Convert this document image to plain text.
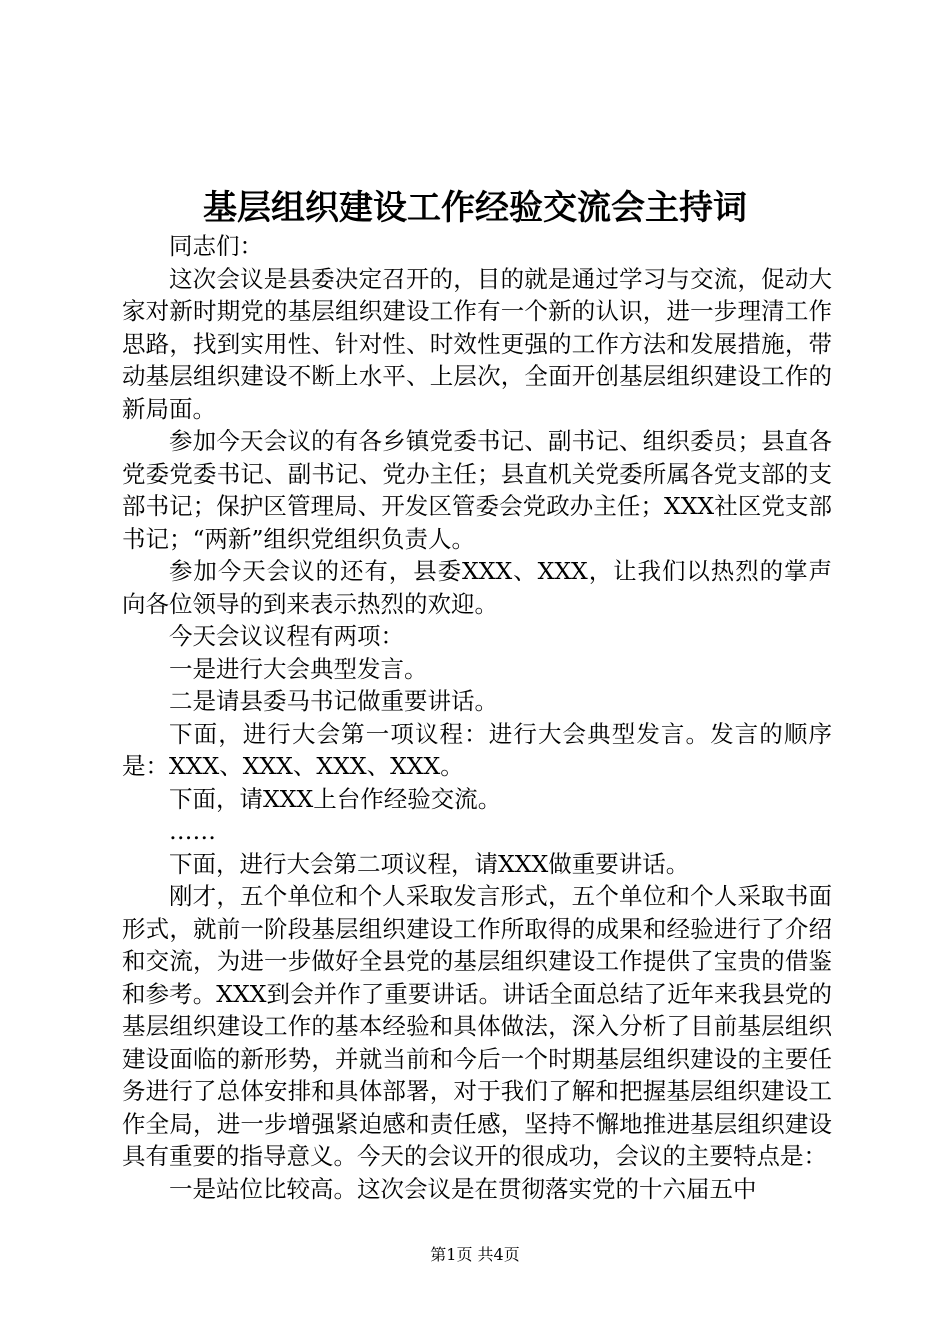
基层组织建设工作经验交流会主持词

同志们：

这次会议是县委决定召开的，目的就是通过学习与交流，促动大家对新时期党的基层组织建设工作有一个新的认识，进一步理清工作思路，找到实用性、针对性、时效性更强的工作方法和发展措施，带动基层组织建设不断上水平、上层次，全面开创基层组织建设工作的新局面。

参加今天会议的有各乡镇党委书记、副书记、组织委员；县直各党委党委书记、副书记、党办主任；县直机关党委所属各党支部的支部书记；保护区管理局、开发区管委会党政办主任；XXX社区党支部书记；“两新”组织党组织负责人。

参加今天会议的还有，县委XXX、XXX，让我们以热烈的掌声向各位领导的到来表示热烈的欢迎。

今天会议议程有两项：

一是进行大会典型发言。

二是请县委马书记做重要讲话。

下面，进行大会第一项议程：进行大会典型发言。发言的顺序是：XXX、XXX、XXX、XXX。

下面，请XXX上台作经验交流。

……

下面，进行大会第二项议程，请XXX做重要讲话。

刚才，五个单位和个人采取发言形式，五个单位和个人采取书面形式，就前一阶段基层组织建设工作所取得的成果和经验进行了介绍和交流，为进一步做好全县党的基层组织建设工作提供了宝贵的借鉴和参考。XXX到会并作了重要讲话。讲话全面总结了近年来我县党的基层组织建设工作的基本经验和具体做法，深入分析了目前基层组织建设面临的新形势，并就当前和今后一个时期基层组织建设的主要任务进行了总体安排和具体部署，对于我们了解和把握基层组织建设工作全局，进一步增强紧迫感和责任感，坚持不懈地推进基层组织建设具有重要的指导意义。今天的会议开的很成功，会议的主要特点是：

一是站位比较高。这次会议是在贯彻落实党的十六届五中

第1页 共4页
